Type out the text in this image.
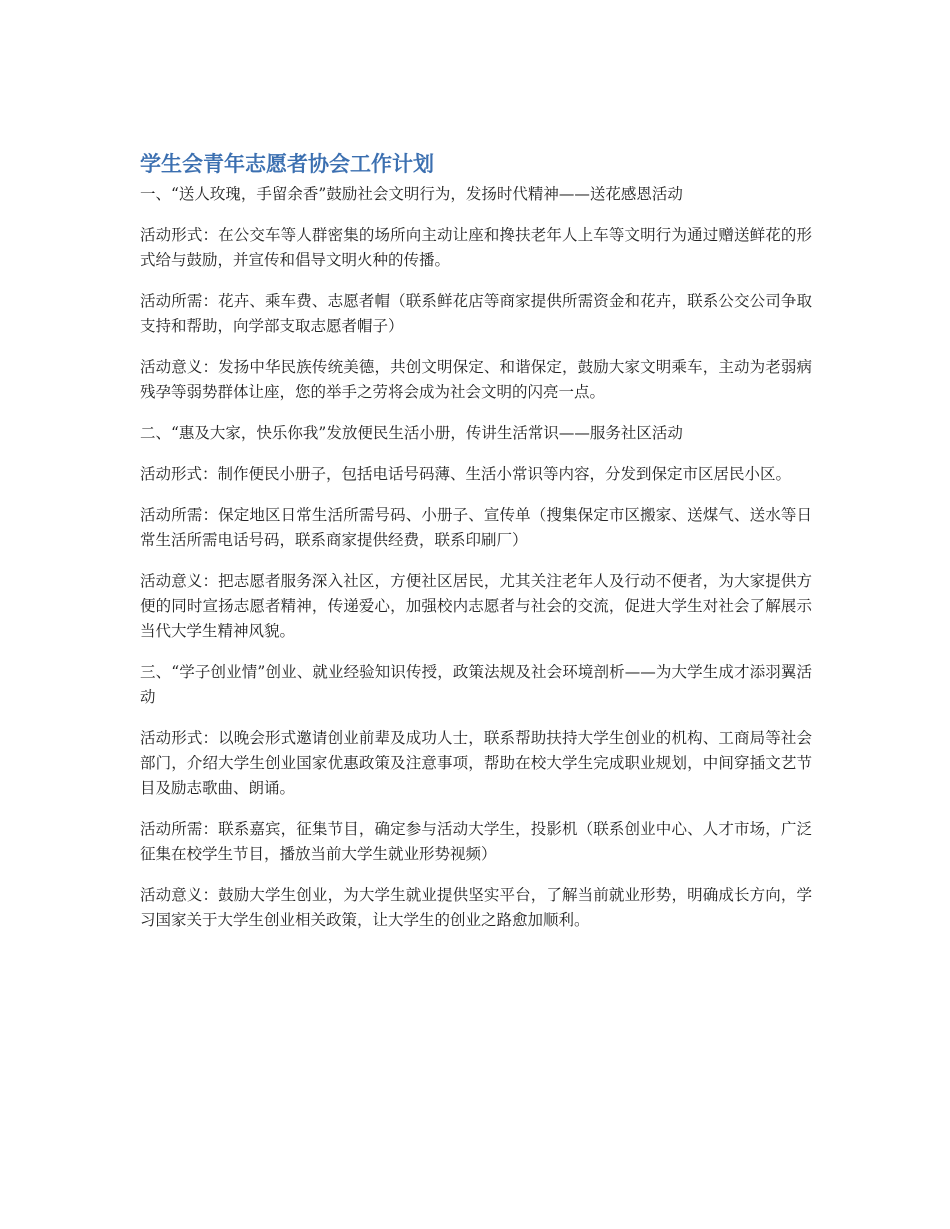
学生会青年志愿者协会工作计划

一、“送人玫瑰，手留余香”鼓励社会文明行为，发扬时代精神——送花感恩活动

活动形式：在公交车等人群密集的场所向主动让座和搀扶老年人上车等文明行为通过赠送鲜花的形式给与鼓励，并宣传和倡导文明火种的传播。

活动所需：花卉、乘车费、志愿者帽（联系鲜花店等商家提供所需资金和花卉，联系公交公司争取支持和帮助，向学部支取志愿者帽子）

活动意义：发扬中华民族传统美德，共创文明保定、和谐保定，鼓励大家文明乘车，主动为老弱病残孕等弱势群体让座，您的举手之劳将会成为社会文明的闪亮一点。

二、“惠及大家，快乐你我”发放便民生活小册，传讲生活常识——服务社区活动

活动形式：制作便民小册子，包括电话号码薄、生活小常识等内容，分发到保定市区居民小区。

活动所需：保定地区日常生活所需号码、小册子、宣传单（搜集保定市区搬家、送煤气、送水等日常生活所需电话号码，联系商家提供经费，联系印刷厂）

活动意义：把志愿者服务深入社区，方便社区居民，尤其关注老年人及行动不便者，为大家提供方便的同时宣扬志愿者精神，传递爱心，加强校内志愿者与社会的交流，促进大学生对社会了解展示当代大学生精神风貌。

三、“学子创业情”创业、就业经验知识传授，政策法规及社会环境剖析——为大学生成才添羽翼活动

活动形式：以晚会形式邀请创业前辈及成功人士，联系帮助扶持大学生创业的机构、工商局等社会部门，介绍大学生创业国家优惠政策及注意事项，帮助在校大学生完成职业规划，中间穿插文艺节目及励志歌曲、朗诵。

活动所需：联系嘉宾，征集节目，确定参与活动大学生，投影机（联系创业中心、人才市场，广泛征集在校学生节目，播放当前大学生就业形势视频）

活动意义：鼓励大学生创业，为大学生就业提供坚实平台，了解当前就业形势，明确成长方向，学习国家关于大学生创业相关政策，让大学生的创业之路愈加顺利。
